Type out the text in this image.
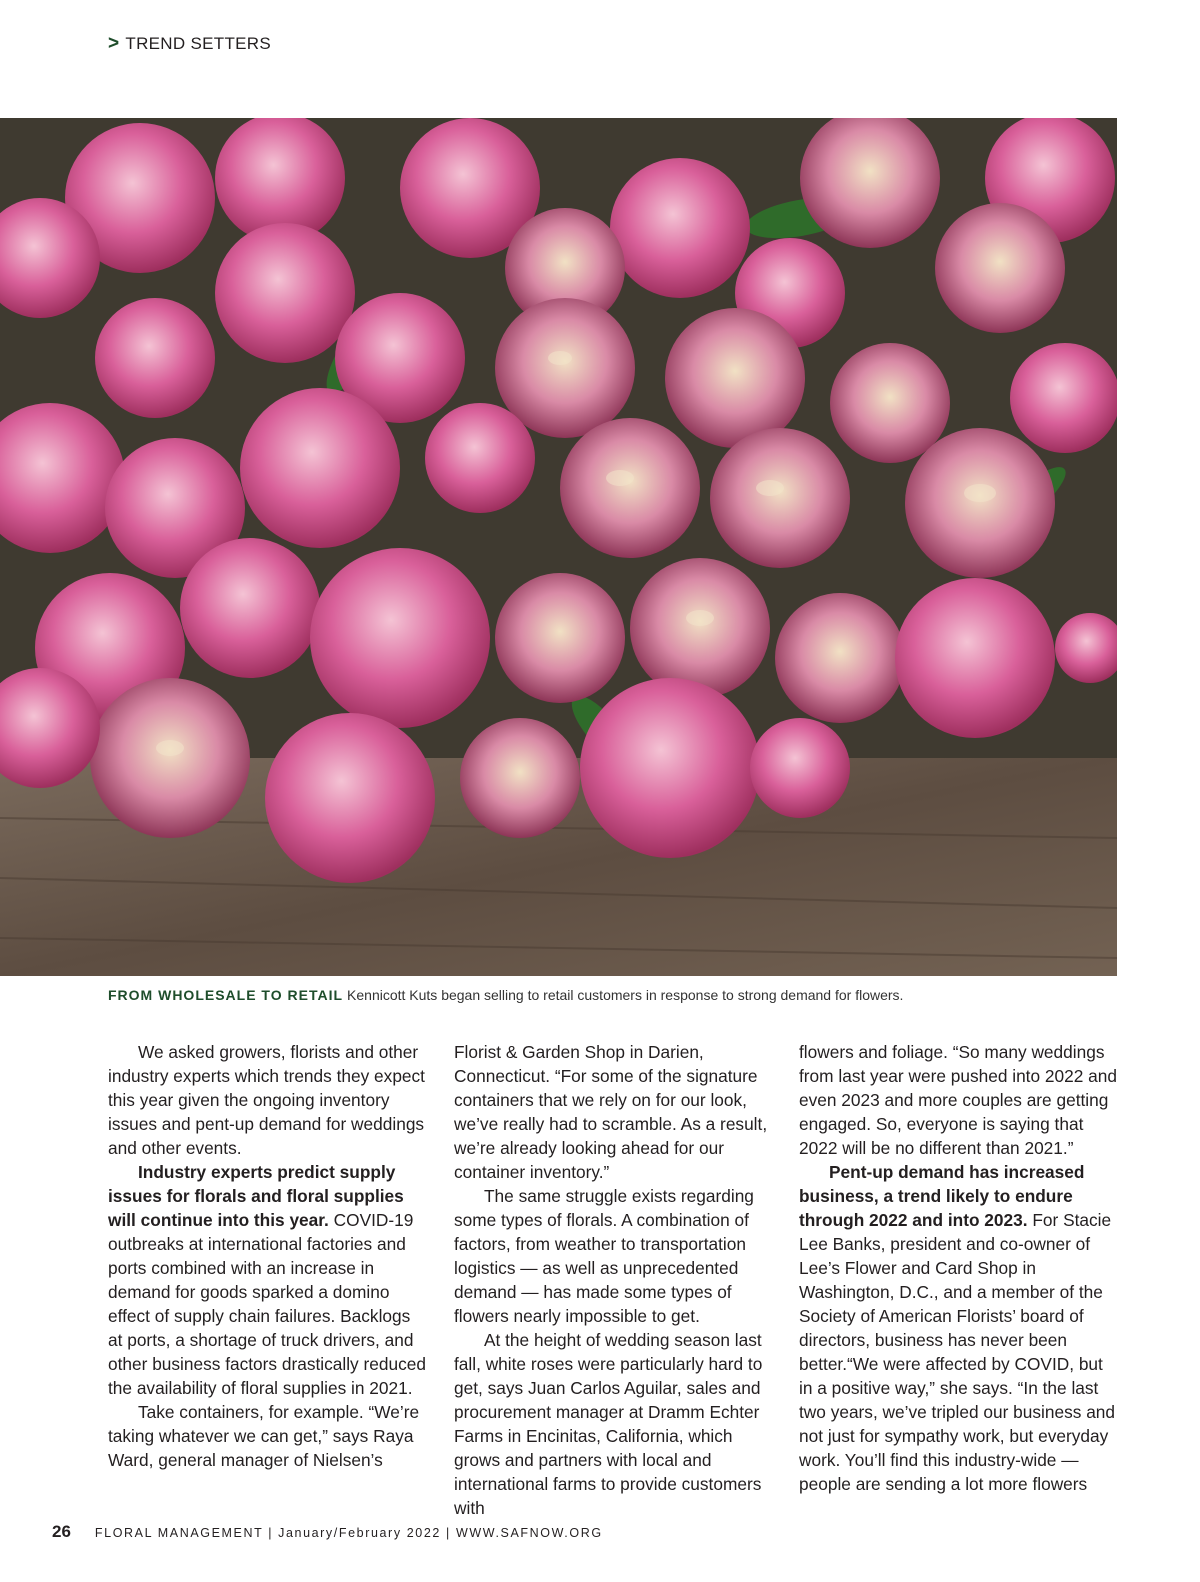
> TREND SETTERS
FROM WHOLESALE TO RETAIL Kennicott Kuts began selling to retail customers in response to strong demand for flowers.

We asked growers, florists and other industry experts which trends they expect this year given the ongoing inventory issues and pent-up demand for weddings and other events.

Industry experts predict supply issues for florals and floral supplies will continue into this year. COVID-19 outbreaks at international factories and ports combined with an increase in demand for goods sparked a domino effect of supply chain failures. Backlogs at ports, a shortage of truck drivers, and other business factors drastically reduced the availability of floral supplies in 2021.

Take containers, for example. “We’re taking whatever we can get,” says Raya Ward, general manager of Nielsen’s

Florist & Garden Shop in Darien, Connecticut. “For some of the signature containers that we rely on for our look, we’ve really had to scramble. As a result, we’re already looking ahead for our container inventory.”

The same struggle exists regarding some types of florals. A combination of factors, from weather to transportation logistics — as well as unprecedented demand — has made some types of flowers nearly impossible to get.

At the height of wedding season last fall, white roses were particularly hard to get, says Juan Carlos Aguilar, sales and procurement manager at Dramm Echter Farms in Encinitas, California, which grows and partners with local and international farms to provide customers with

flowers and foliage. “So many weddings from last year were pushed into 2022 and even 2023 and more couples are getting engaged. So, everyone is saying that 2022 will be no different than 2021.”

Pent-up demand has increased business, a trend likely to endure through 2022 and into 2023. For Stacie Lee Banks, president and co-owner of Lee’s Flower and Card Shop in Washington, D.C., and a member of the Society of American Florists’ board of directors, business has never been better.“We were affected by COVID, but in a positive way,” she says. “In the last two years, we’ve tripled our business and not just for sympathy work, but everyday work. You’ll find this industry-wide — people are sending a lot more flowers

26 FLORAL MANAGEMENT | January/February 2022 | WWW.SAFNOW.ORG
